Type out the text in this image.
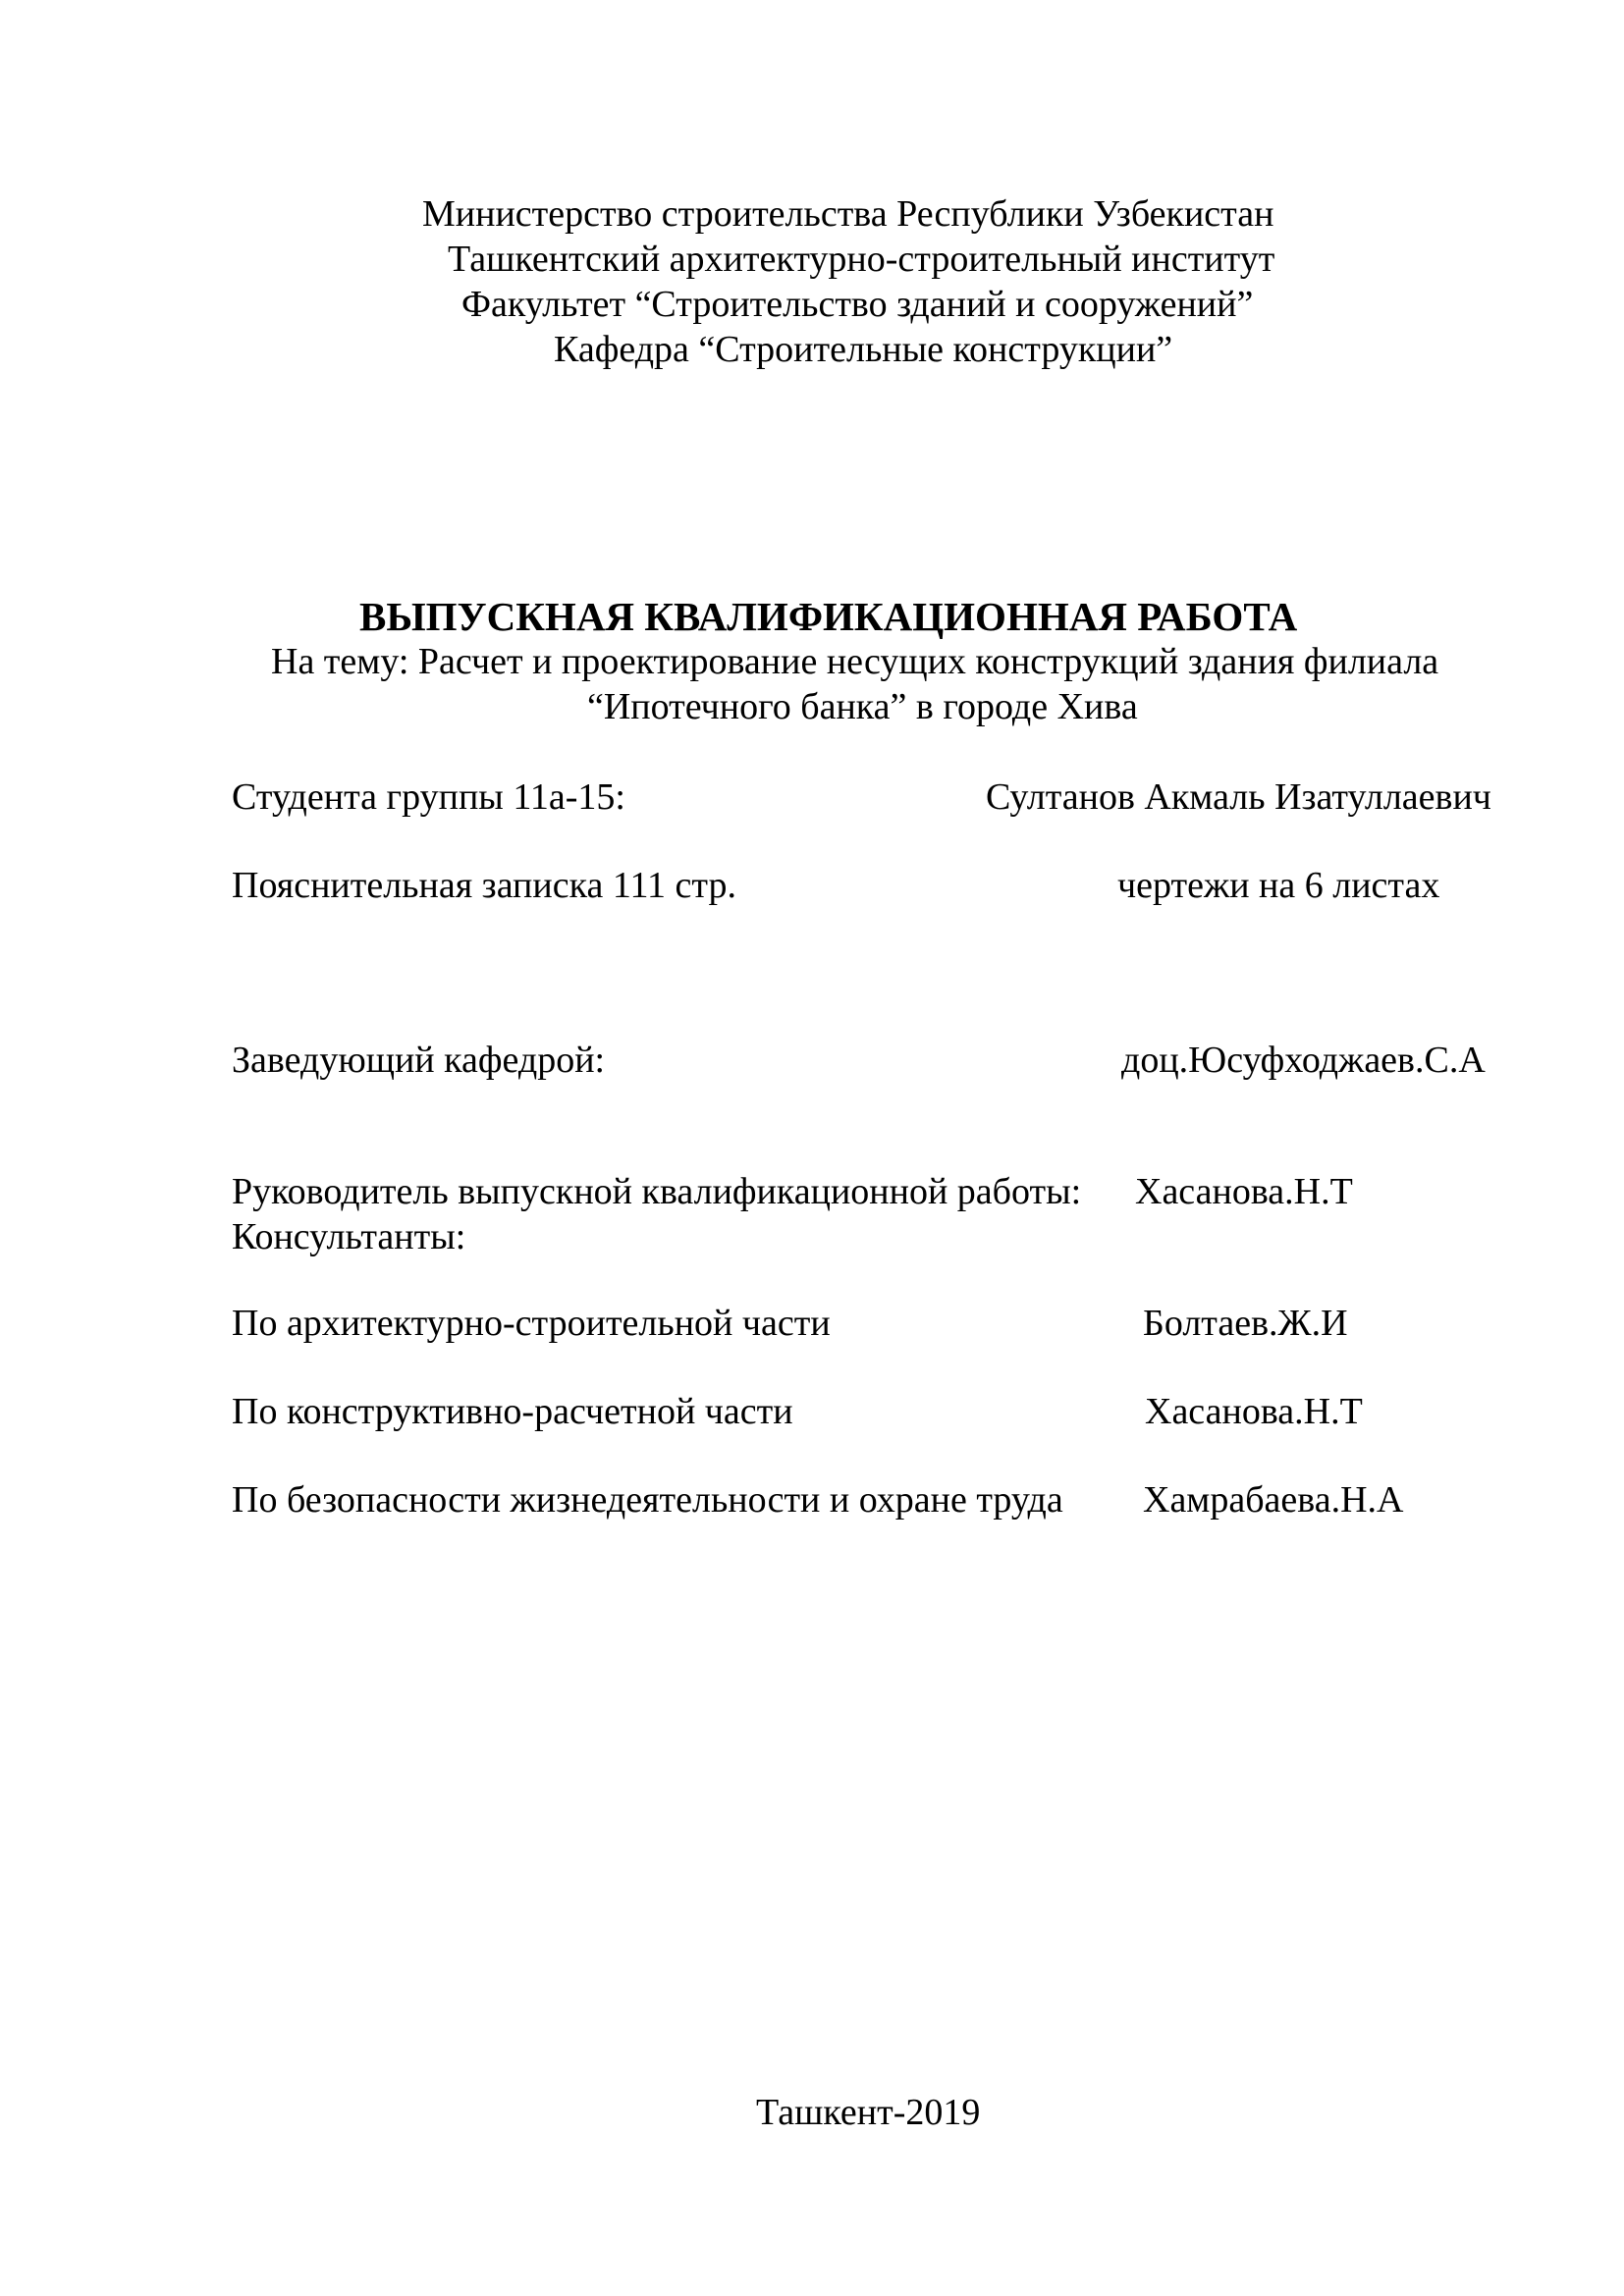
Министерство строительства Республики Узбекистан
Ташкентский архитектурно-строительный институт
Факультет “Строительство зданий и сооружений”
Кафедра “Строительные конструкции”
ВЫПУСКНАЯ КВАЛИФИКАЦИОННАЯ РАБОТА
На тему: Расчет и проектирование несущих конструкций здания филиала
“Ипотечного банка” в городе Хива
Студента группы 11а-15:	Султанов Акмаль Изатуллаевич
Пояснительная записка 111 стр.	чертежи на 6 листах
Заведующий кафедрой:	доц.Юсуфходжаев.С.А
Руководитель выпускной квалификационной работы: Хасанова.Н.Т
Консультанты:
По архитектурно-строительной части	Болтаев.Ж.И
По конструктивно-расчетной части	Хасанова.Н.Т
По безопасности жизнедеятельности и охране труда Хамрабаева.Н.А
Ташкент-2019
